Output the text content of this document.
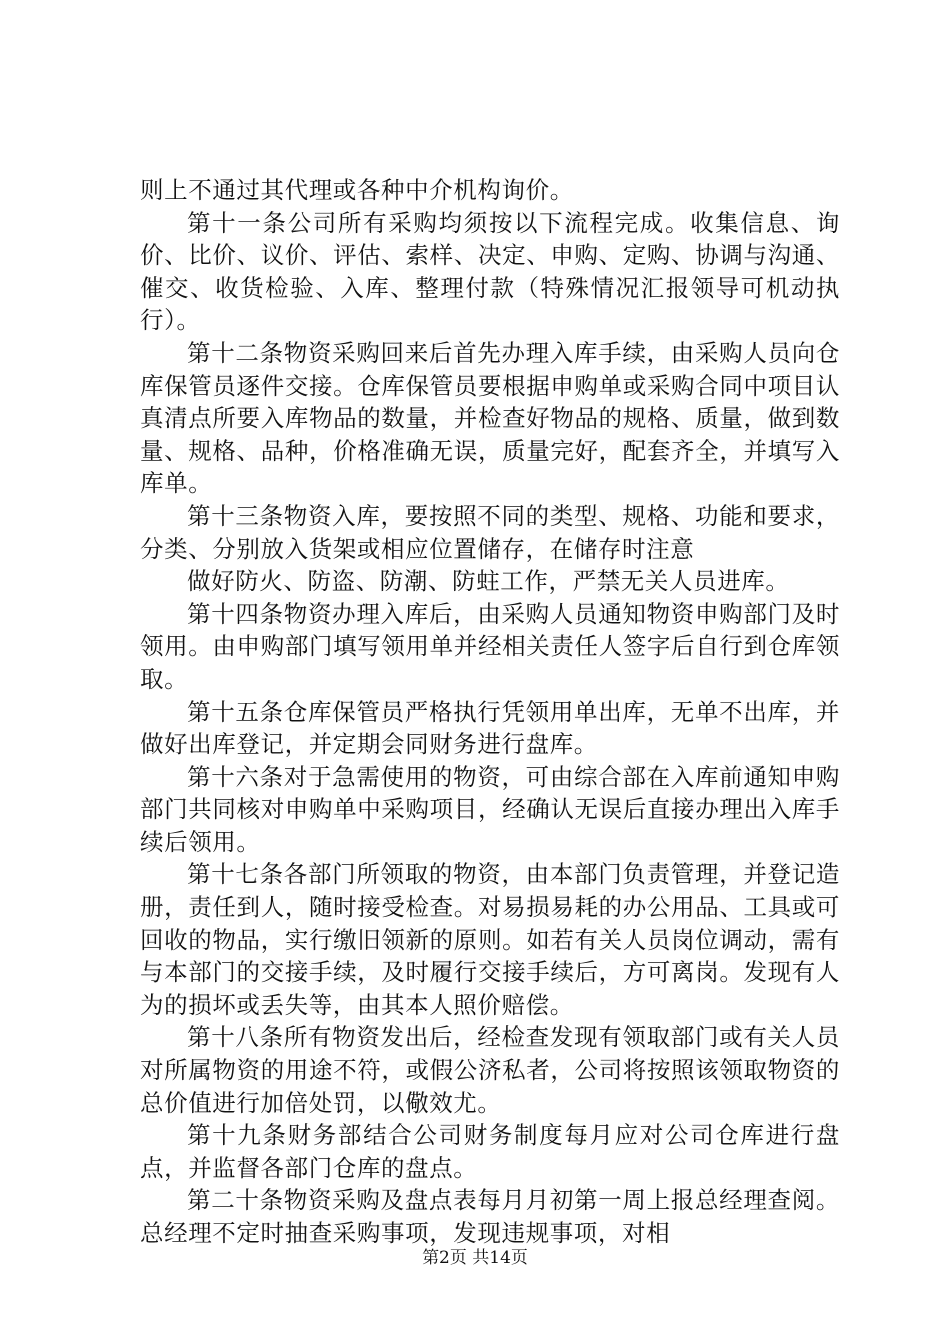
则上不通过其代理或各种中介机构询价。

第十一条公司所有采购均须按以下流程完成。收集信息、询价、比价、议价、评估、索样、决定、申购、定购、协调与沟通、催交、收货检验、入库、整理付款（特殊情况汇报领导可机动执行）。

第十二条物资采购回来后首先办理入库手续，由采购人员向仓库保管员逐件交接。仓库保管员要根据申购单或采购合同中项目认真清点所要入库物品的数量，并检查好物品的规格、质量，做到数量、规格、品种，价格准确无误，质量完好，配套齐全，并填写入库单。

第十三条物资入库，要按照不同的类型、规格、功能和要求，分类、分别放入货架或相应位置储存，在储存时注意

做好防火、防盗、防潮、防蛀工作，严禁无关人员进库。

第十四条物资办理入库后，由采购人员通知物资申购部门及时领用。由申购部门填写领用单并经相关责任人签字后自行到仓库领取。

第十五条仓库保管员严格执行凭领用单出库，无单不出库，并做好出库登记，并定期会同财务进行盘库。

第十六条对于急需使用的物资，可由综合部在入库前通知申购部门共同核对申购单中采购项目，经确认无误后直接办理出入库手续后领用。

第十七条各部门所领取的物资，由本部门负责管理，并登记造册，责任到人，随时接受检查。对易损易耗的办公用品、工具或可回收的物品，实行缴旧领新的原则。如若有关人员岗位调动，需有与本部门的交接手续，及时履行交接手续后，方可离岗。发现有人为的损坏或丢失等，由其本人照价赔偿。

第十八条所有物资发出后，经检查发现有领取部门或有关人员对所属物资的用途不符，或假公济私者，公司将按照该领取物资的总价值进行加倍处罚，以儆效尤。

第十九条财务部结合公司财务制度每月应对公司仓库进行盘点，并监督各部门仓库的盘点。

第二十条物资采购及盘点表每月月初第一周上报总经理查阅。总经理不定时抽查采购事项，发现违规事项，对相

第2页 共14页
